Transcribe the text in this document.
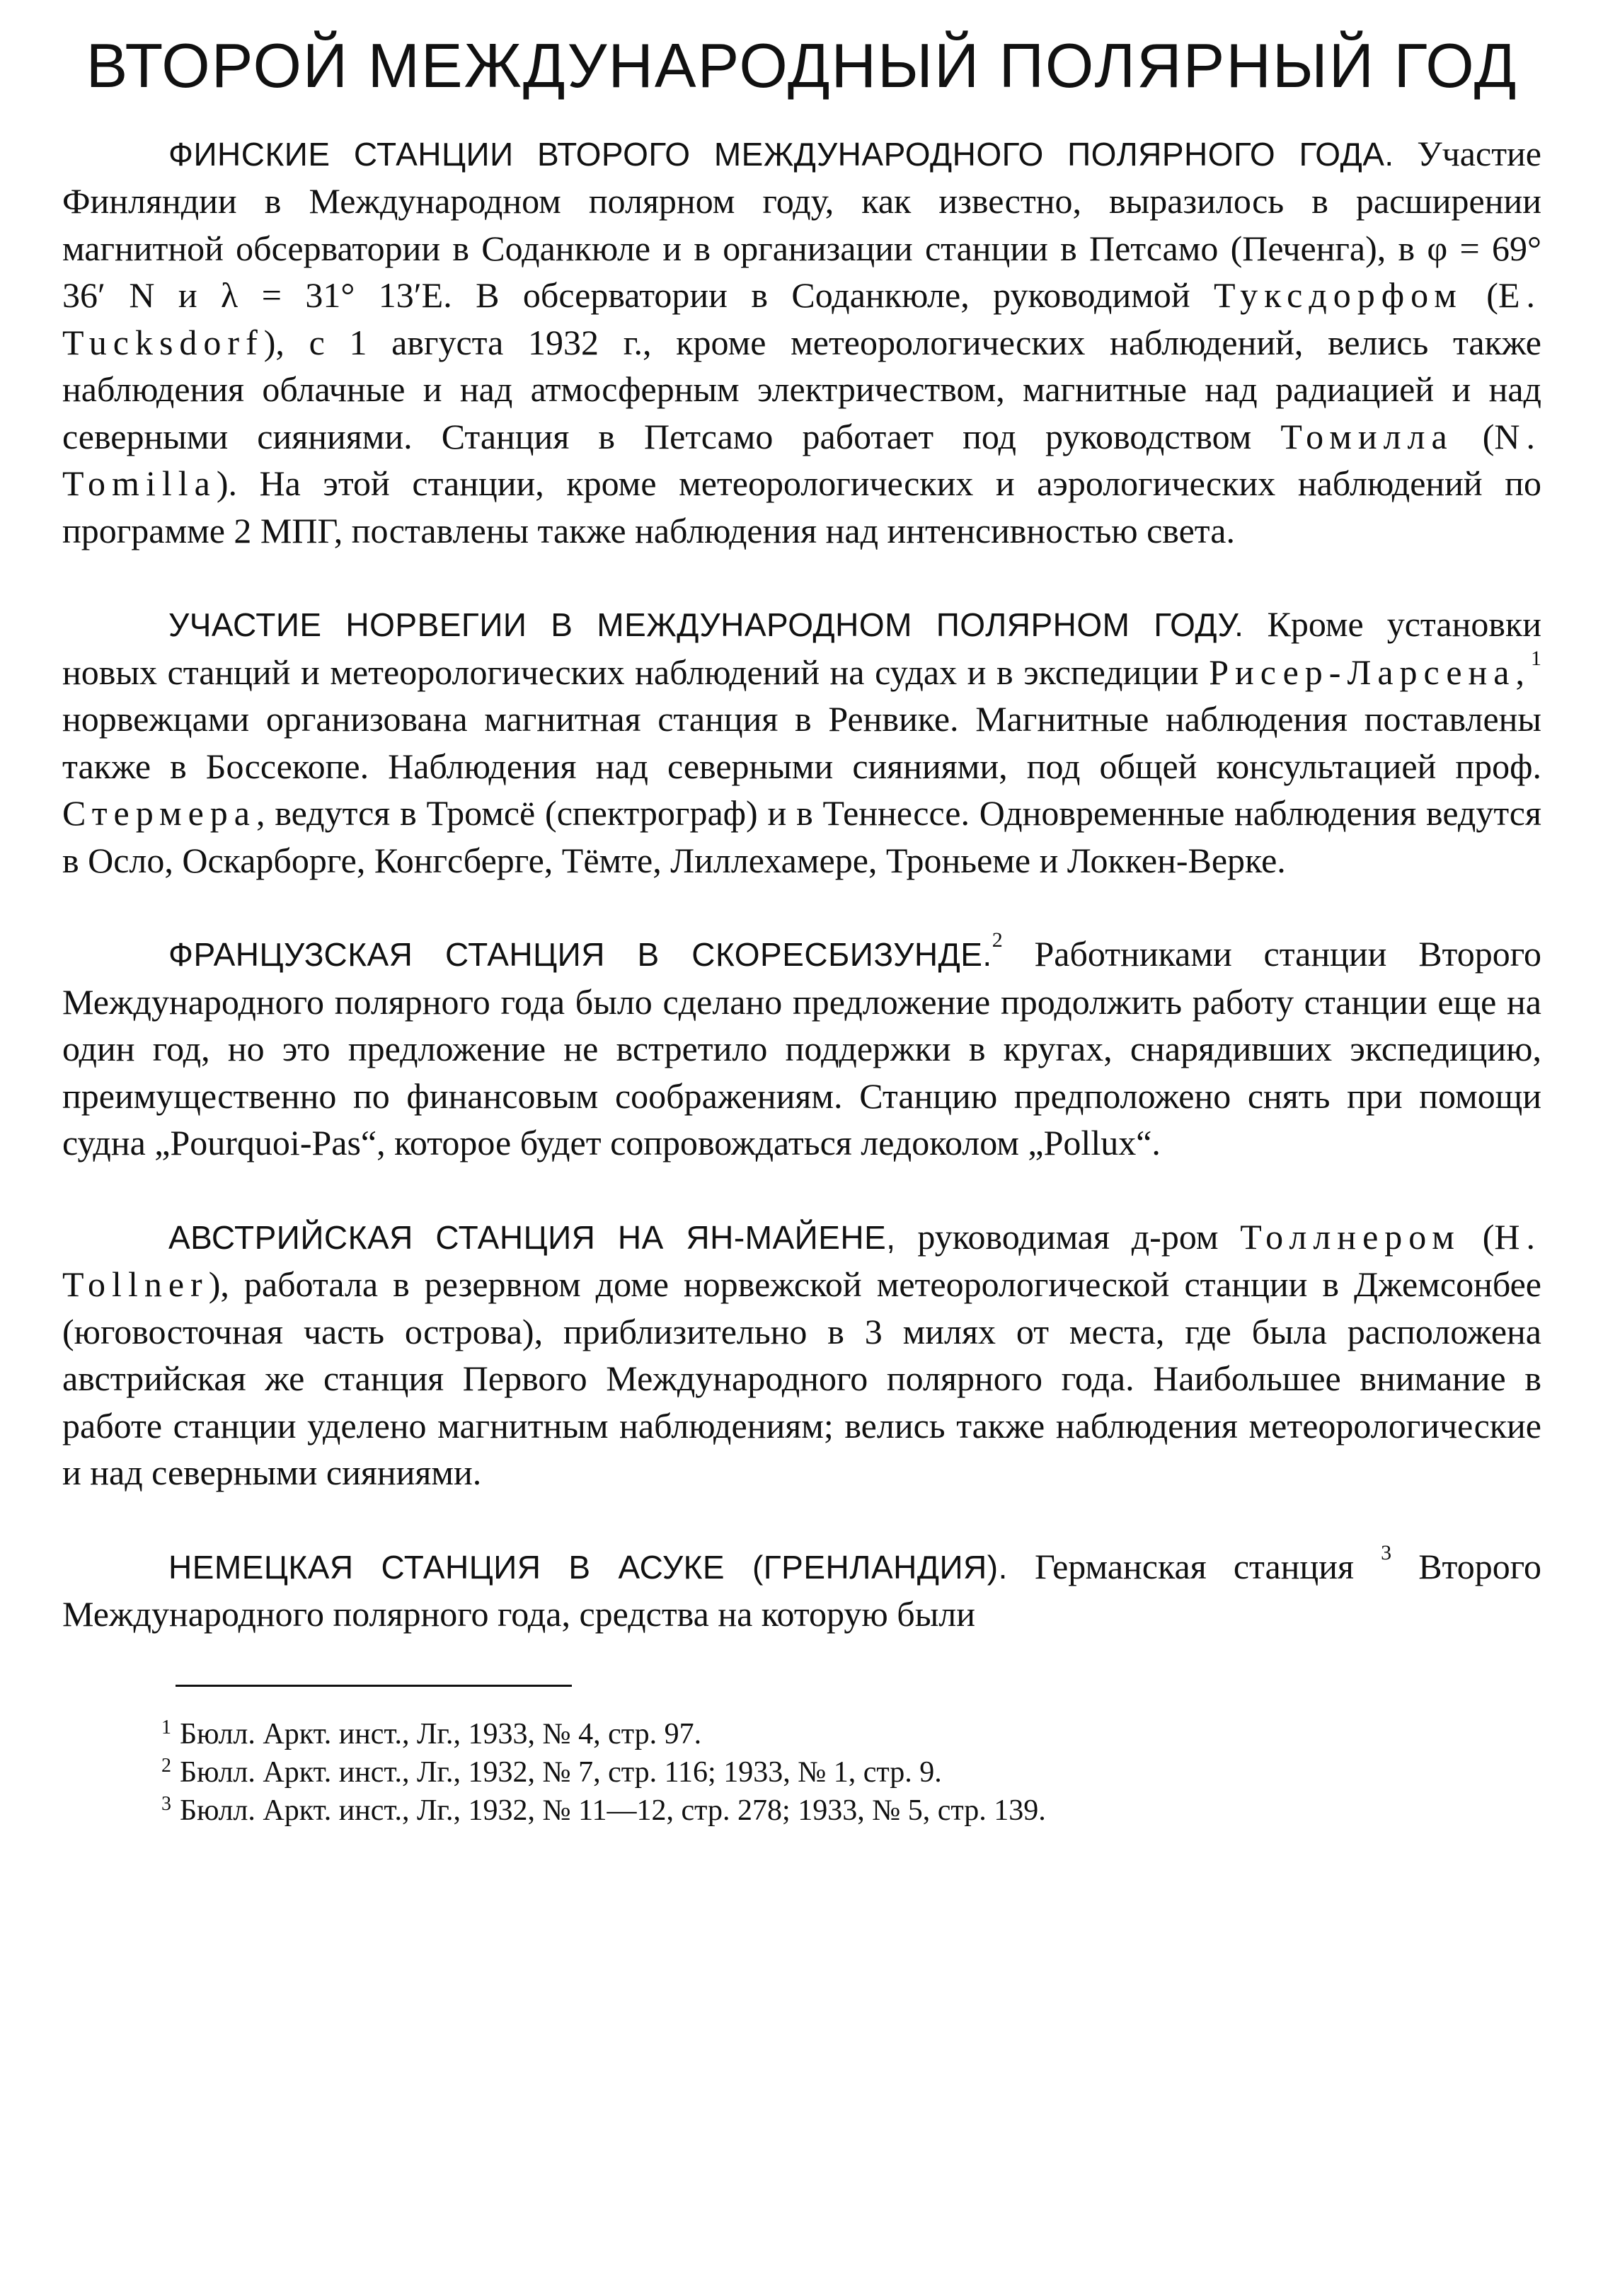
ВТОРОЙ МЕЖДУНАРОДНЫЙ ПОЛЯРНЫЙ ГОД

ФИНСКИЕ СТАНЦИИ ВТОРОГО МЕЖДУНАРОДНОГО ПОЛЯРНОГО ГОДА. Участие Финляндии в Международном полярном году, как известно, выразилось в расширении магнитной обсерватории в Соданкюле и в организации станции в Петсамо (Печенга), в φ = 69° 36′ N и λ = 31° 13′E. В обсерватории в Соданкюле, руководимой Туксдорфом (E. Tucksdorf), с 1 августа 1932 г., кроме метеорологических наблюдений, велись также наблюдения облачные и над атмосферным электричеством, магнитные над радиацией и над северными сияниями. Станция в Петсамо работает под руководством Томилла (N. Tomilla). На этой станции, кроме метеорологических и аэрологических наблюдений по программе 2 МПГ, поставлены также наблюдения над интенсивностью света.

УЧАСТИЕ НОРВЕГИИ В МЕЖДУНАРОДНОМ ПОЛЯРНОМ ГОДУ. Кроме установки новых станций и метеорологических наблюдений на судах и в экспедиции Рисер-Ларсена,$^1$ норвежцами организована магнитная станция в Ренвике. Магнитные наблюдения поставлены также в Боссекопе. Наблюдения над северными сияниями, под общей консультацией проф. Стермера, ведутся в Тромсё (спектрограф) и в Теннессе. Одновременные наблюдения ведутся в Осло, Оскарборге, Конгсберге, Тёмте, Лиллехамере, Троньеме и Локкен-Верке.

ФРАНЦУЗСКАЯ СТАНЦИЯ В СКОРЕСБИЗУНДЕ.$^2$ Работниками станции Второго Международного полярного года было сделано предложение продолжить работу станции еще на один год, но это предложение не встретило поддержки в кругах, снарядивших экспедицию, преимущественно по финансовым соображениям. Станцию предположено снять при помощи судна „Pourquoi-Pas“, которое будет сопровождаться ледоколом „Pollux“.

АВСТРИЙСКАЯ СТАНЦИЯ НА ЯН-МАЙЕНЕ, руководимая д-ром Толлнером (H. Tollner), работала в резервном доме норвежской метеорологической станции в Джемсонбее (юговосточная часть острова), приблизительно в 3 милях от места, где была расположена австрийская же станция Первого Международного полярного года. Наибольшее внимание в работе станции уделено магнитным наблюдениям; велись также наблюдения метеорологические и над северными сияниями.

НЕМЕЦКАЯ СТАНЦИЯ В АСУКЕ (ГРЕНЛАНДИЯ). Германская станция $^3$ Второго Международного полярного года, средства на которую были

$^1$ Бюлл. Аркт. инст., Лг., 1933, № 4, стр. 97.

$^2$ Бюлл. Аркт. инст., Лг., 1932, № 7, стр. 116; 1933, № 1, стр. 9.

$^3$ Бюлл. Аркт. инст., Лг., 1932, № 11—12, стр. 278; 1933, № 5, стр. 139.
